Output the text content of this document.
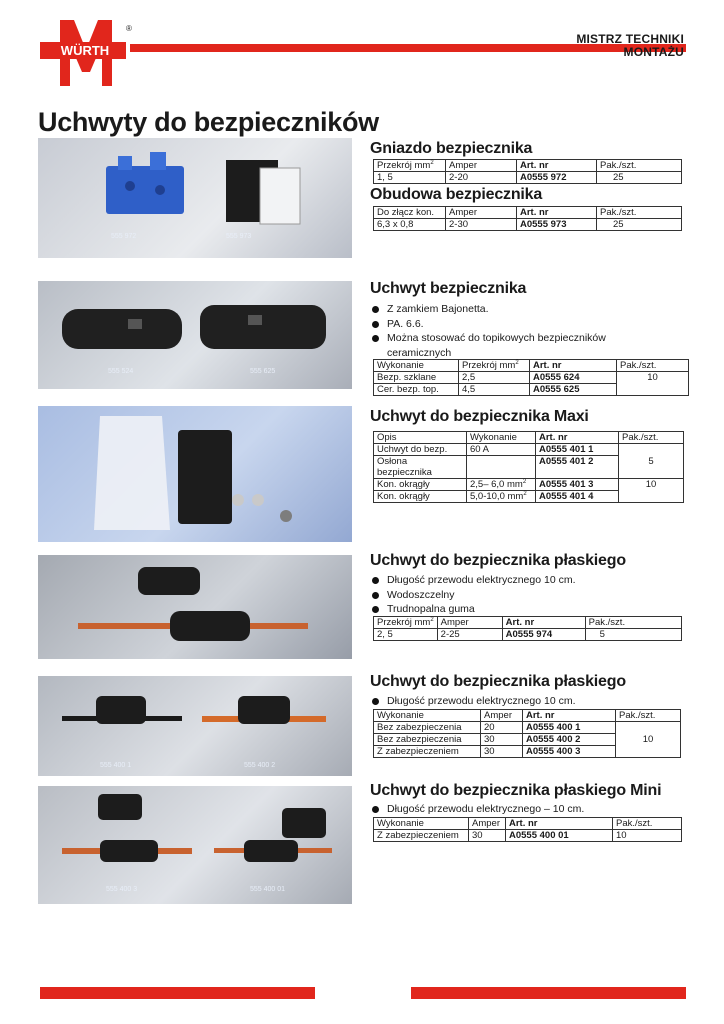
WÜRTH
®
MISTRZ TECHNIKI
MONTAŻU
Uchwyty do bezpieczników
555 972	555 973
555 524	555 625
555 400 1	555 400 2
555 400 3	555 400 01
Gniazdo bezpiecznika
Przekrój $mm^2$	Amper	Art. nr	Pak./szt.
1, 5	2-20	A0555 972	25
Obudowa bezpiecznika
Do złącz kon.	Amper	Art. nr	Pak./szt.
6,3 x 0,8	2-30	A0555 973	25
Uchwyt bezpiecznika
Z zamkiem Bajonetta.
PA. 6.6.
Można stosować do topikowych bezpieczników ceramicznych
Wykonanie	Przekrój $mm^2$	Art. nr	Pak./szt.
Bezp. szklane	2,5	A0555 624	10
Cer. bezp. top.	4,5	A0555 625	
Uchwyt do bezpiecznika Maxi
Opis	Wykonanie	Art. nr	Pak./szt.
Uchwyt do bezp.	60 A	A0555 401 1	5
Osłona bezpiecznika		A0555 401 2	
Kon. okrągły	2,5– 6,0 $mm^2$	A0555 401 3	10
Kon. okrągły	5,0-10,0 $mm^2$	A0555 401 4	
Uchwyt do bezpiecznika płaskiego
Długość przewodu elektrycznego 10 cm.
Wodoszczelny
Trudnopalna guma
Przekrój $mm^2$	Amper	Art. nr	Pak./szt.
2, 5	2-25	A0555 974	5
Uchwyt do bezpiecznika płaskiego
Długość przewodu elektrycznego 10 cm.
Wykonanie	Amper	Art. nr	Pak./szt.
Bez zabezpieczenia	20	A0555 400 1	10
Bez zabezpieczenia	30	A0555 400 2	
Z zabezpieczeniem	30	A0555 400 3	
Uchwyt do bezpiecznika płaskiego Mini
Długość przewodu elektrycznego – 10 cm.
Wykonanie	Amper	Art. nr	Pak./szt.
Z zabezpieczeniem	30	A0555 400 01	10
